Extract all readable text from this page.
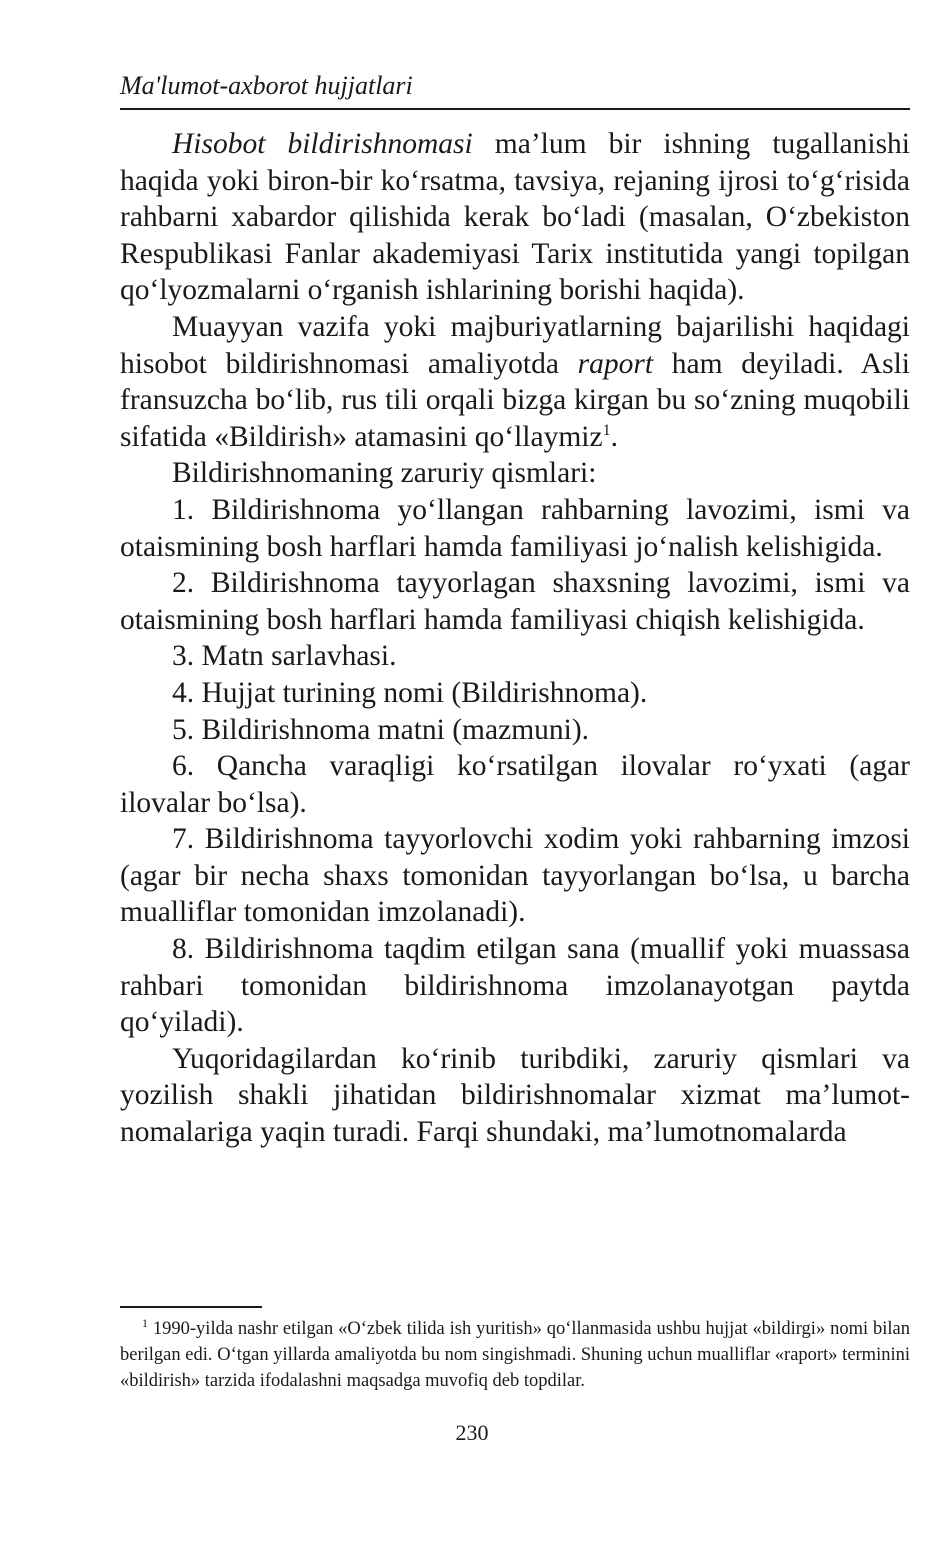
Ma'lumot-axborot hujjatlari

Hisobot bildirishnomasi ma’lum bir ishning tugallanishi haqida yoki biron-bir ko‘rsatma, tavsiya, rejaning ijrosi to‘g‘risida rahbarni xabardor qilishida kerak bo‘ladi (masalan, O‘zbekiston Respublikasi Fanlar akademiyasi Tarix institutida yangi topilgan qo‘lyozmalarni o‘rganish ishlarining borishi haqida).

Muayyan vazifa yoki majburiyatlarning bajarilishi haqidagi hisobot bildirishnomasi amaliyotda raport ham deyiladi. Asli fransuzcha bo‘lib, rus tili orqali bizga kirgan bu so‘zning muqobili sifatida «Bildirish» atamasini qo‘llaymiz$^1$.

Bildirishnomaning zaruriy qismlari:

1. Bildirishnoma yo‘llangan rahbarning lavozimi, ismi va otaismining bosh harflari hamda familiyasi jo‘nalish kelishigida.

2. Bildirishnoma tayyorlagan shaxsning lavozimi, ismi va otaismining bosh harflari hamda familiyasi chiqish kelishigida.

3. Matn sarlavhasi.

4. Hujjat turining nomi (Bildirishnoma).

5. Bildirishnoma matni (mazmuni).

6. Qancha varaqligi ko‘rsatilgan ilovalar ro‘yxati (agar ilovalar bo‘lsa).

7. Bildirishnoma tayyorlovchi xodim yoki rahbarning imzosi (agar bir necha shaxs tomonidan tayyorlangan bo‘lsa, u barcha mualliflar tomonidan imzolanadi).

8. Bildirishnoma taqdim etilgan sana (muallif yoki muassasa rahbari tomonidan bildirishnoma imzolanayotgan paytda qo‘yiladi).

Yuqoridagilardan ko‘rinib turibdiki, zaruriy qismlari va yozilish shakli jihatidan bildirishnomalar xizmat ma’lumotnomalariga yaqin turadi. Farqi shundaki, ma’lumotnomalarda

$^1$ 1990-yilda nashr etilgan «O‘zbek tilida ish yuritish» qo‘llanmasida ushbu hujjat «bildirgi» nomi bilan berilgan edi. O‘tgan yillarda amaliyotda bu nom singishmadi. Shuning uchun mualliflar «raport» terminini «bildirish» tarzida ifodalashni maqsadga muvofiq deb topdilar.

230
